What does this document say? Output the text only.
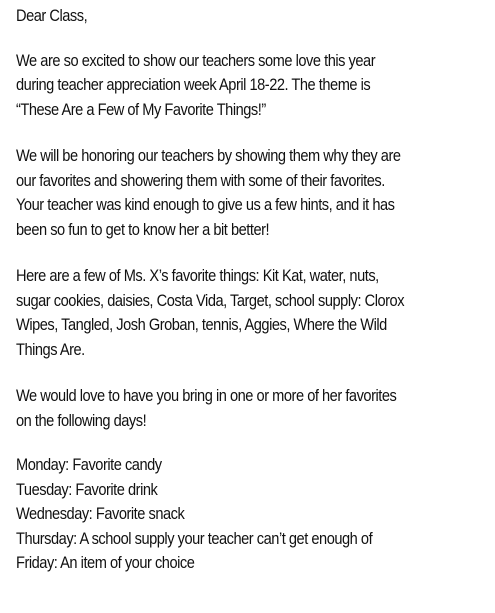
Dear Class,

We are so excited to show our teachers some love this year
during teacher appreciation week April 18-22. The theme is
“These Are a Few of My Favorite Things!”

We will be honoring our teachers by showing them why they are
our favorites and showering them with some of their favorites.
Your teacher was kind enough to give us a few hints, and it has
been so fun to get to know her a bit better!

Here are a few of Ms. X’s favorite things: Kit Kat, water, nuts,
sugar cookies, daisies, Costa Vida, Target, school supply: Clorox
Wipes, Tangled, Josh Groban, tennis, Aggies, Where the Wild
Things Are.

We would love to have you bring in one or more of her favorites
on the following days!

Monday: Favorite candy
Tuesday: Favorite drink
Wednesday: Favorite snack
Thursday: A school supply your teacher can’t get enough of
Friday: An item of your choice
